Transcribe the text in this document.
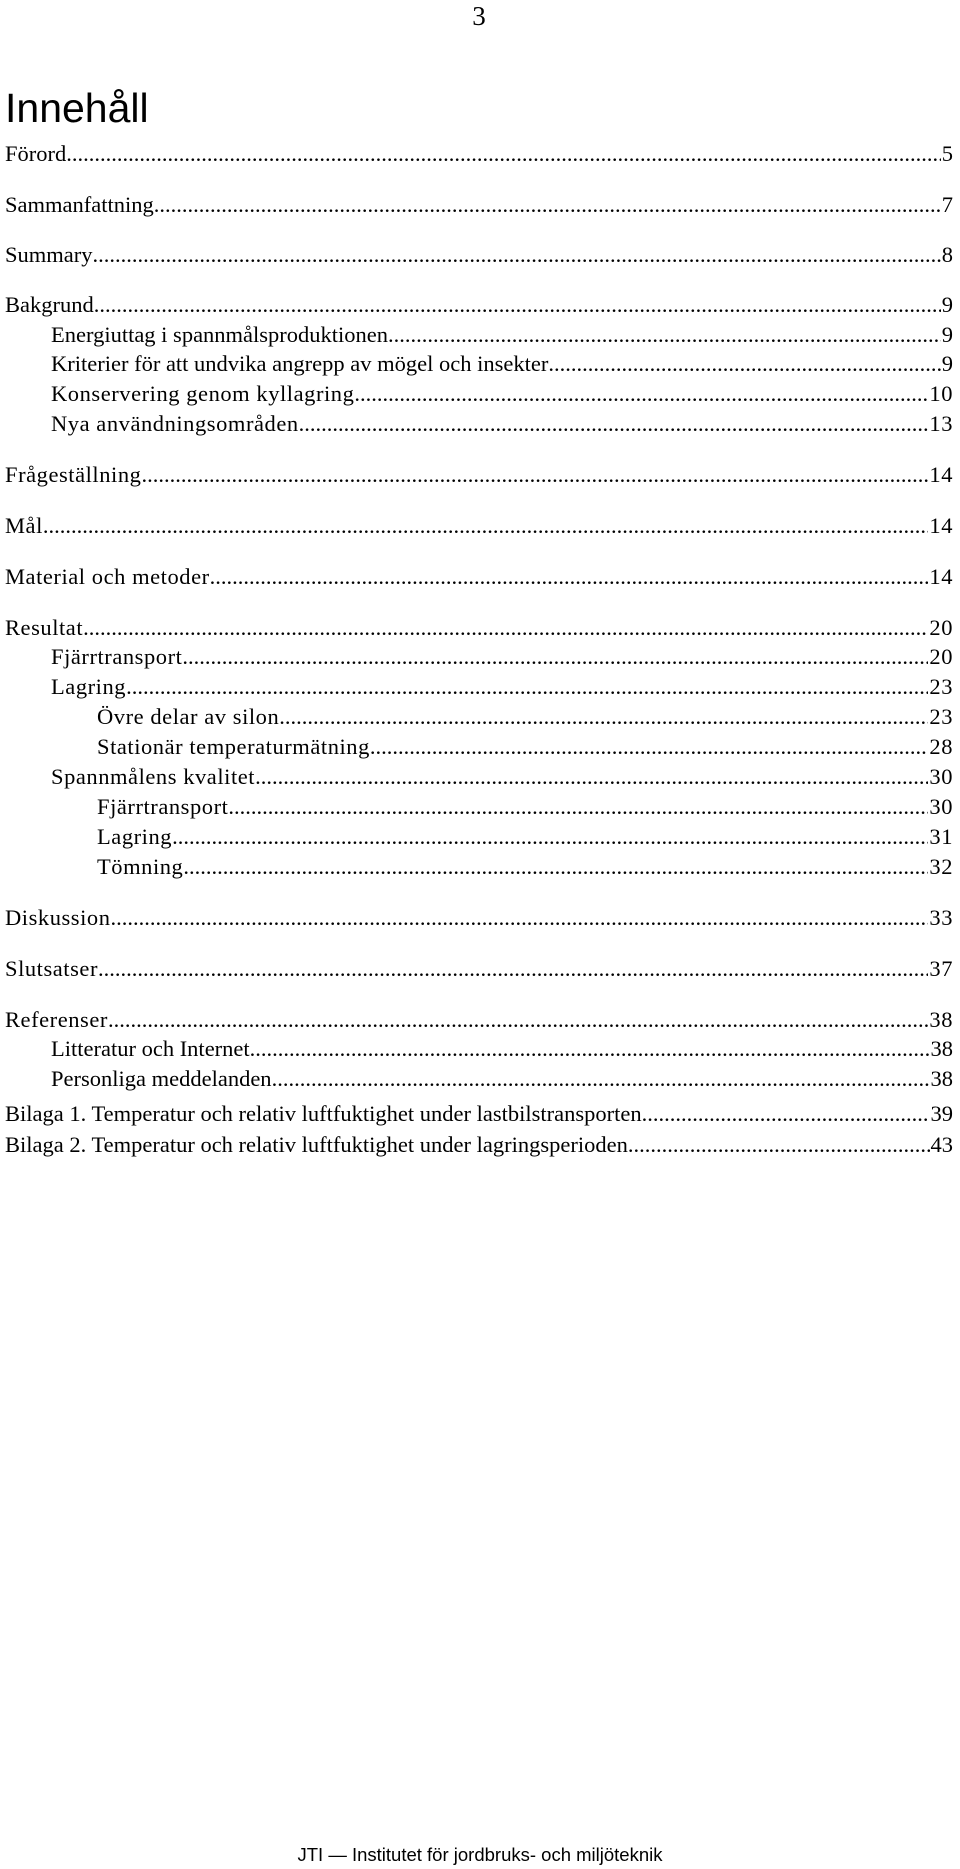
3
Innehåll
Förord .....	5
Sammanfattning .....	7
Summary .....	8
Bakgrund .....	9
Energiuttag i spannmålsproduktionen .....	9
Kriterier för att undvika angrepp av mögel och insekter .....	9
Konservering genom kyllagring .....	10
Nya användningsområden .....	13
Frågeställning .....	14
Mål .....	14
Material och metoder .....	14
Resultat .....	20
Fjärrtransport .....	20
Lagring .....	23
Övre delar av silon .....	23
Stationär temperaturmätning .....	28
Spannmålens kvalitet .....	30
Fjärrtransport .....	30
Lagring .....	31
Tömning .....	32
Diskussion .....	33
Slutsatser .....	37
Referenser .....	38
Litteratur och Internet .....	38
Personliga meddelanden .....	38
Bilaga 1. Temperatur och relativ luftfuktighet under lastbilstransporten .....	39
Bilaga 2. Temperatur och relativ luftfuktighet under lagringsperioden .....	43
JTI — Institutet för jordbruks- och miljöteknik
